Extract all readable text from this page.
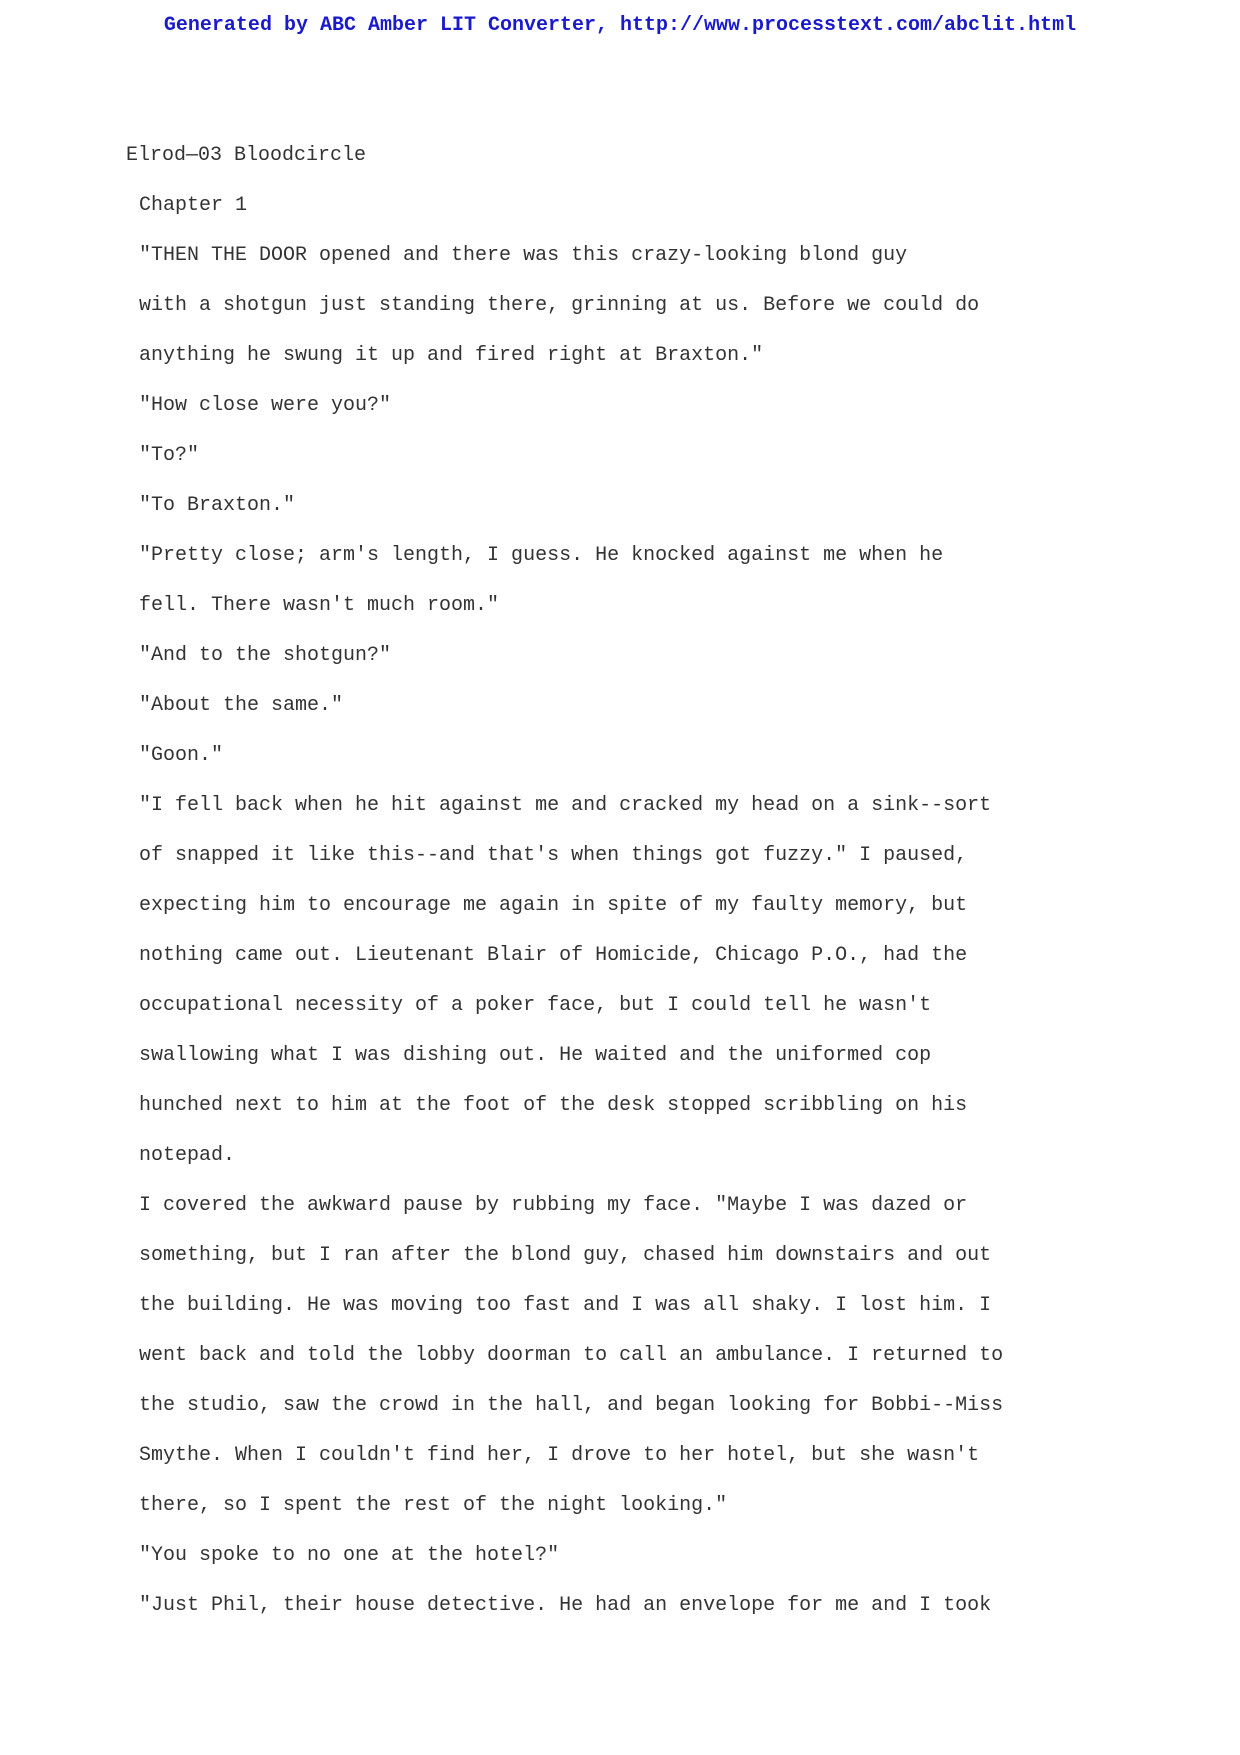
Generated by ABC Amber LIT Converter, http://www.processtext.com/abclit.html
Elrod—03 Bloodcircle
Chapter 1
"THEN THE DOOR opened and there was this crazy-looking blond guy
with a shotgun just standing there, grinning at us. Before we could do
anything he swung it up and fired right at Braxton."
"How close were you?"
"To?"
"To Braxton."
"Pretty close; arm's length, I guess. He knocked against me when he
fell. There wasn't much room."
"And to the shotgun?"
"About the same."
"Goon."
"I fell back when he hit against me and cracked my head on a sink--sort
of snapped it like this--and that's when things got fuzzy." I paused,
expecting him to encourage me again in spite of my faulty memory, but
nothing came out. Lieutenant Blair of Homicide, Chicago P.O., had the
occupational necessity of a poker face, but I could tell he wasn't
swallowing what I was dishing out. He waited and the uniformed cop
hunched next to him at the foot of the desk stopped scribbling on his
notepad.
I covered the awkward pause by rubbing my face. "Maybe I was dazed or
something, but I ran after the blond guy, chased him downstairs and out
the building. He was moving too fast and I was all shaky. I lost him. I
went back and told the lobby doorman to call an ambulance. I returned to
the studio, saw the crowd in the hall, and began looking for Bobbi--Miss
Smythe. When I couldn't find her, I drove to her hotel, but she wasn't
there, so I spent the rest of the night looking."
"You spoke to no one at the hotel?"
"Just Phil, their house detective. He had an envelope for me and I took
